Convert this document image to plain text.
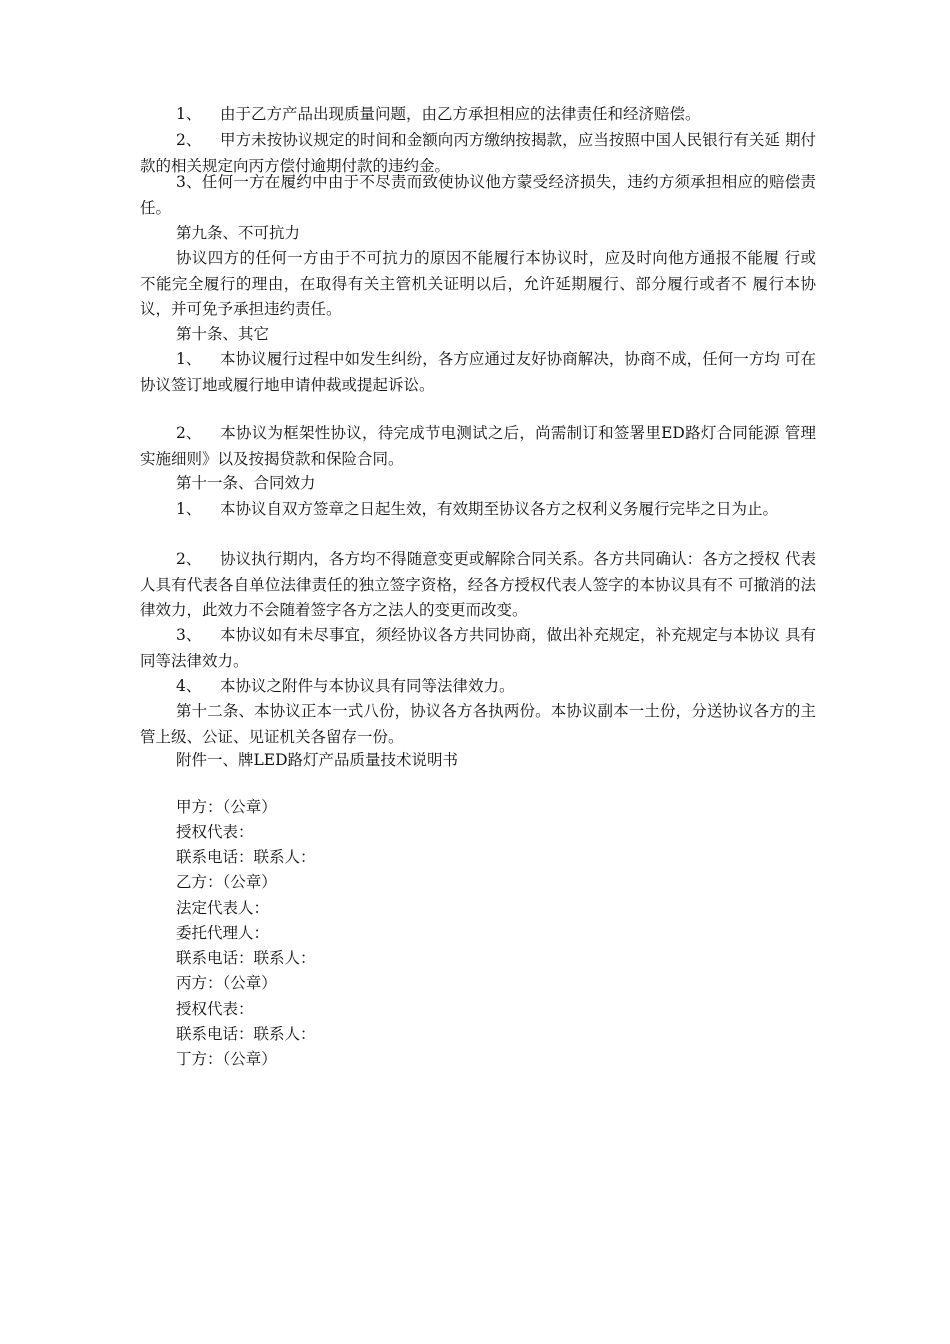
1、 由于乙方产品出现质量问题，由乙方承担相应的法律责任和经济赔偿。

2、 甲方未按协议规定的时间和金额向丙方缴纳按揭款，应当按照中国人民银行有关延 期付款的相关规定向丙方偿付逾期付款的违约金。

3、任何一方在履约中由于不尽责而致使协议他方蒙受经济损失，违约方须承担相应的赔偿责任。

第九条、不可抗力

协议四方的任何一方由于不可抗力的原因不能履行本协议时，应及时向他方通报不能履 行或不能完全履行的理由，在取得有关主管机关证明以后，允许延期履行、部分履行或者不 履行本协议，并可免予承担违约责任。

第十条、其它

1、 本协议履行过程中如发生纠纷，各方应通过友好协商解决，协商不成，任何一方均 可在协议签订地或履行地申请仲裁或提起诉讼。

2、 本协议为框架性协议，待完成节电测试之后，尚需制订和签署里ED路灯合同能源 管理实施细则》以及按揭贷款和保险合同。

第十一条、合同效力

1、 本协议自双方签章之日起生效，有效期至协议各方之权利义务履行完毕之日为止。

2、 协议执行期内，各方均不得随意变更或解除合同关系。各方共同确认：各方之授权 代表人具有代表各自单位法律责任的独立签字资格，经各方授权代表人签字的本协议具有不 可撤消的法律效力，此效力不会随着签字各方之法人的变更而改变。

3、 本协议如有未尽事宜，须经协议各方共同协商，做出补充规定，补充规定与本协议 具有同等法律效力。

4、 本协议之附件与本协议具有同等法律效力。

第十二条、本协议正本一式八份，协议各方各执两份。本协议副本一土份，分送协议各方的主管上级、公证、见证机关各留存一份。

附件一、牌LED路灯产品质量技术说明书

甲方：（公章）

授权代表：

联系电话：联系人：

乙方：（公章）

法定代表人：

委托代理人：

联系电话：联系人：

丙方：（公章）

授权代表：

联系电话：联系人：

丁方：（公章）
